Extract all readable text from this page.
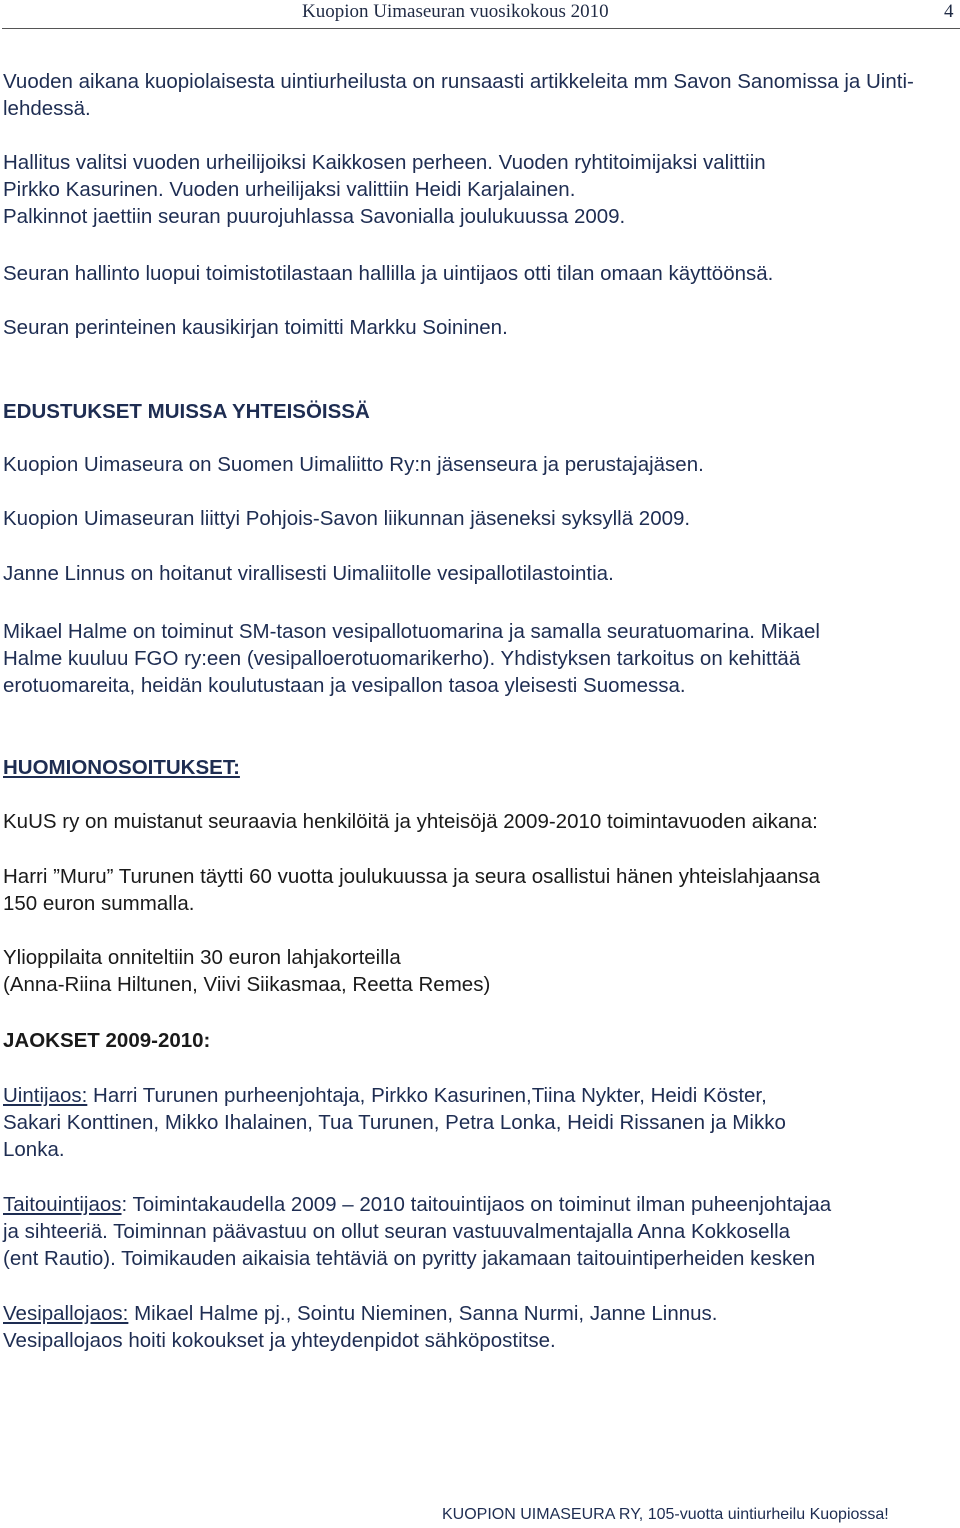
Kuopion Uimaseuran vuosikokous 2010	4

Vuoden aikana kuopiolaisesta uintiurheilusta on runsaasti artikkeleita mm Savon Sanomissa ja Uinti-lehdessä.

Hallitus valitsi vuoden urheilijoiksi Kaikkosen perheen. Vuoden ryhtitoimijaksi valittiin
Pirkko Kasurinen. Vuoden urheilijaksi valittiin Heidi Karjalainen.
Palkinnot jaettiin seuran puurojuhlassa Savonialla joulukuussa 2009.

Seuran hallinto luopui toimistotilastaan hallilla ja uintijaos otti tilan omaan käyttöönsä.

Seuran perinteinen kausikirjan toimitti Markku Soininen.

EDUSTUKSET MUISSA YHTEISÖISSÄ

Kuopion Uimaseura on Suomen Uimaliitto Ry:n jäsenseura ja perustajajäsen.

Kuopion Uimaseuran liittyi Pohjois-Savon liikunnan jäseneksi syksyllä 2009.

Janne Linnus on hoitanut virallisesti Uimaliitolle vesipallotilastointia.

Mikael Halme on toiminut SM-tason vesipallotuomarina ja samalla seuratuomarina. Mikael
Halme kuuluu FGO ry:een (vesipalloerotuomarikerho). Yhdistyksen tarkoitus on kehittää
erotuomareita, heidän koulutustaan ja vesipallon tasoa yleisesti Suomessa.
HUOMIONOSOITUKSET:

KuUS ry on muistanut seuraavia henkilöitä ja yhteisöjä 2009-2010 toimintavuoden aikana:

Harri ”Muru” Turunen täytti 60 vuotta joulukuussa ja seura osallistui hänen yhteislahjaansa
150 euron summalla.
Ylioppilaita onniteltiin 30 euron lahjakorteilla
(Anna-Riina Hiltunen, Viivi Siikasmaa, Reetta Remes)
JAOKSET 2009-2010:
Uintijaos: Harri Turunen purheenjohtaja, Pirkko Kasurinen,Tiina Nykter, Heidi Köster,
Sakari Konttinen, Mikko Ihalainen, Tua Turunen, Petra Lonka, Heidi Rissanen ja Mikko
Lonka.
Taitouintijaos: Toimintakaudella 2009 – 2010 taitouintijaos on toiminut ilman puheenjohtajaa
ja sihteeriä. Toiminnan päävastuu on ollut seuran vastuuvalmentajalla Anna Kokkosella
(ent Rautio). Toimikauden aikaisia tehtäviä on pyritty jakamaan taitouintiperheiden kesken
Vesipallojaos: Mikael Halme pj., Sointu Nieminen, Sanna Nurmi, Janne Linnus.
Vesipallojaos hoiti kokoukset ja yhteydenpidot sähköpostitse.
KUOPION UIMASEURA RY, 105-vuotta uintiurheilu Kuopiossa!
